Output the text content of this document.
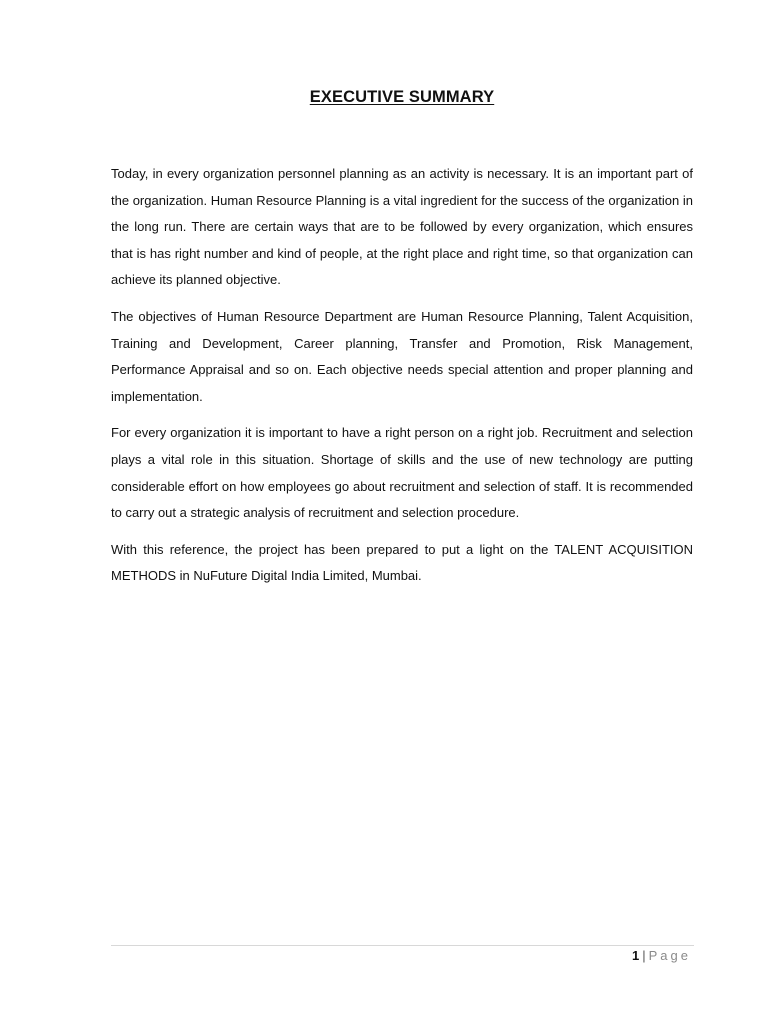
EXECUTIVE SUMMARY

Today, in every organization personnel planning as an activity is necessary. It is an important part of the organization. Human Resource Planning is a vital ingredient for the success of the organization in the long run. There are certain ways that are to be followed by every organization, which ensures that is has right number and kind of people, at the right place and right time, so that organization can achieve its planned objective.

The objectives of Human Resource Department are Human Resource Planning, Talent Acquisition, Training and Development, Career planning, Transfer and Promotion, Risk Management, Performance Appraisal and so on. Each objective needs special attention and proper planning and implementation.

For every organization it is important to have a right person on a right job. Recruitment and selection plays a vital role in this situation. Shortage of skills and the use of new technology are putting considerable effort on how employees go about recruitment and selection of staff. It is recommended to carry out a strategic analysis of recruitment and selection procedure.

With this reference, the project has been prepared to put a light on the TALENT ACQUISITION METHODS in NuFuture Digital India Limited, Mumbai.

1 | Page
